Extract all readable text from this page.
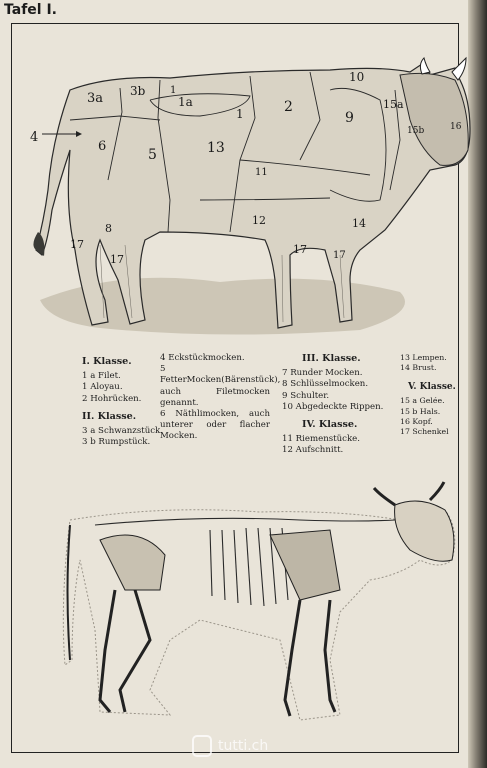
Tafel I.
3a 3b 1
1a
1	2
10
9
15a
15b	16
4
6
5	13
11
12	14
8
17
17
17	17
I. Klasse.
1 a Filet.
1 Aloyau.
2 Hohrücken.
II. Klasse.
3 a Schwanzstück.
3 b Rumpstück.
4 Eckstückmocken.
5 FetterMocken(Bärenstück), auch Filetmocken genannt.
6 Näthlimocken, auch unterer oder flacher Mocken.
III. Klasse.
7 Runder Mocken.
8 Schlüsselmocken.
9 Schulter.
10 Abgedeckte Rippen.
IV. Klasse.
11 Riemenstücke.
12 Aufschnitt.
13 Lempen.
14 Brust.
V. Klasse.
15 a Gelée.
15 b Hals.
16 Kopf.
17 Schenkel
tutti.ch
